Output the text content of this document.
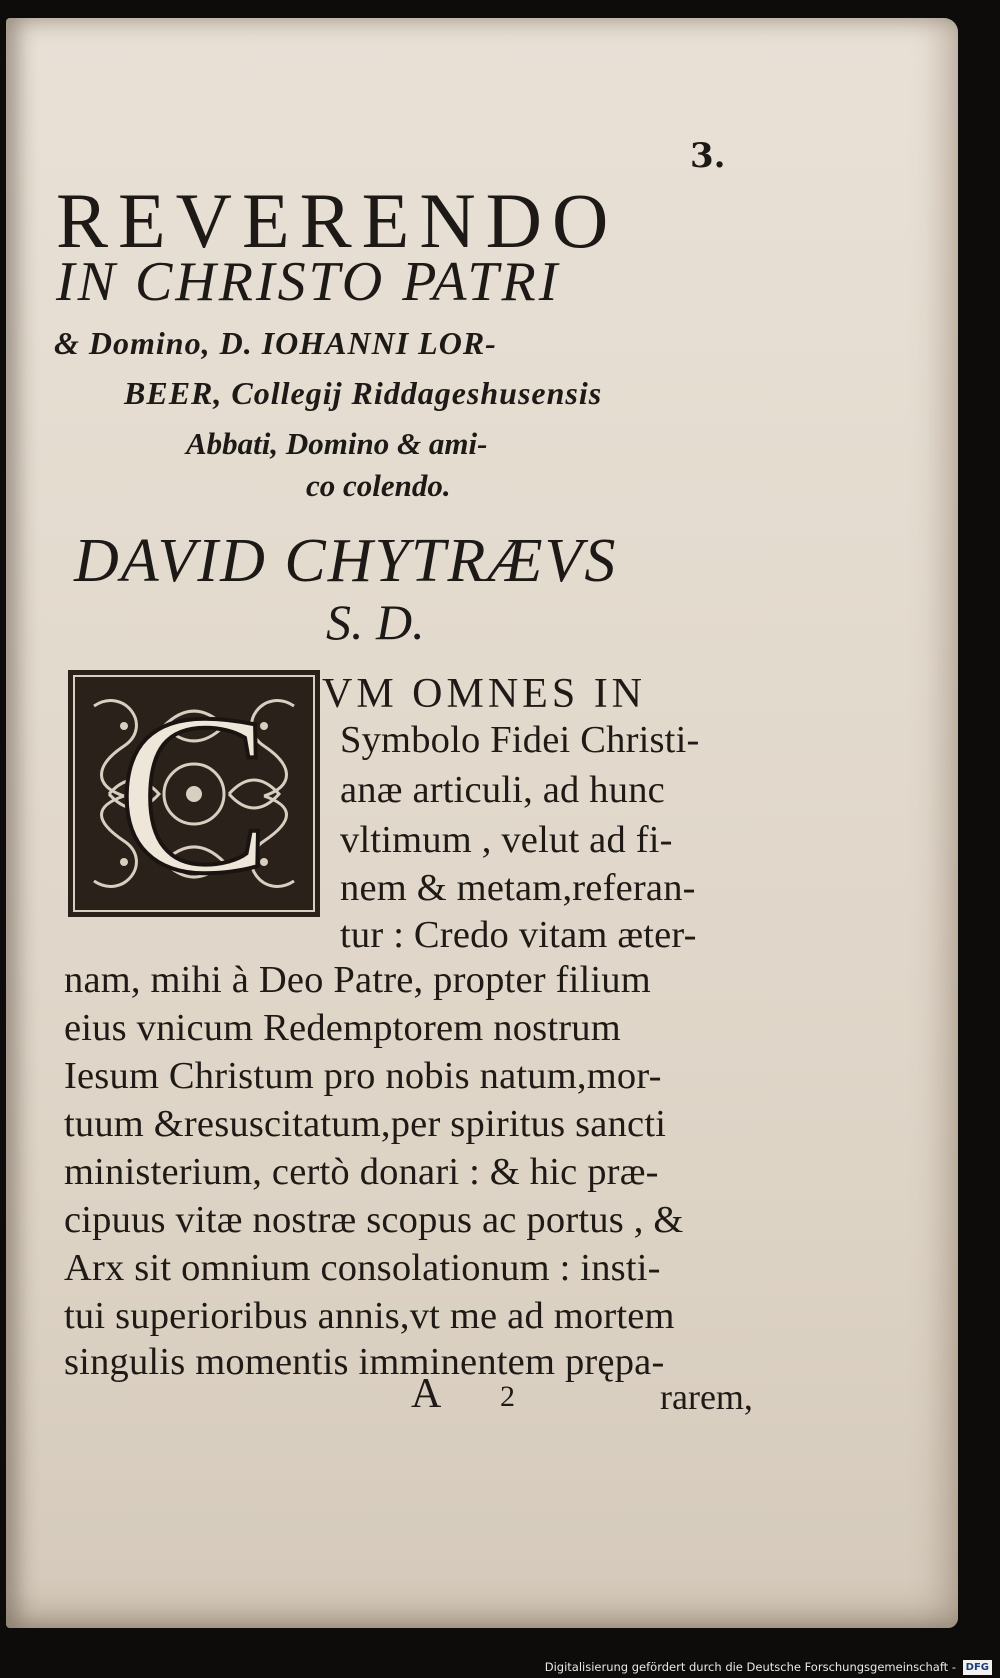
3.
REVERENDO
IN CHRISTO PATRI
& Domino, D. IOHANNI LOR-
BEER, Collegij Riddageshusensis
Abbati, Domino & ami-
co colendo.
DAVID CHYTRÆVS
S. D.
C VM OMNES IN
Symbolo Fidei Christi-
anæ articuli, ad hunc
vltimum , velut ad fi-
nem & metam,referan-
tur : Credo vitam æter-
nam, mihi à Deo Patre, propter filium
eius vnicum Redemptorem nostrum
Iesum Christum pro nobis natum,mor-
tuum &resuscitatum,per spiritus sancti
ministerium, certò donari : & hic præ-
cipuus vitæ nostræ scopus ac portus , &
Arx sit omnium consolationum : insti-
tui superioribus annis,vt me ad mortem
singulis momentis imminentem prępa-
A 2	rarem,
Digitalisierung gefördert durch die Deutsche Forschungsgemeinschaft - DFG
